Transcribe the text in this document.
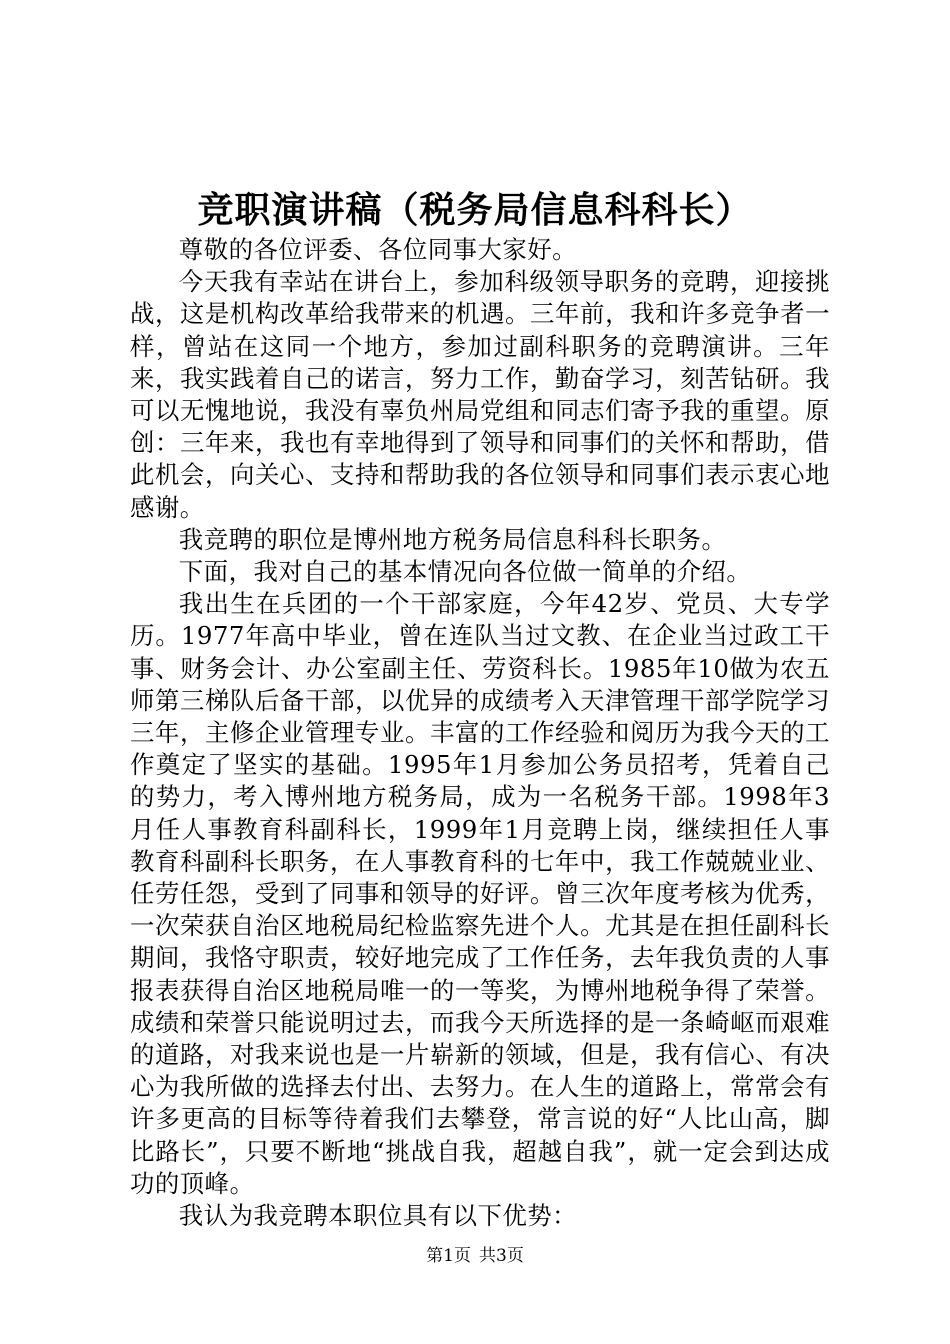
竞职演讲稿（税务局信息科科长）

尊敬的各位评委、各位同事大家好。

今天我有幸站在讲台上，参加科级领导职务的竞聘，迎接挑战，这是机构改革给我带来的机遇。三年前，我和许多竞争者一样，曾站在这同一个地方，参加过副科职务的竞聘演讲。三年来，我实践着自己的诺言，努力工作，勤奋学习，刻苦钻研。我可以无愧地说，我没有辜负州局党组和同志们寄予我的重望。原创：三年来，我也有幸地得到了领导和同事们的关怀和帮助，借此机会，向关心、支持和帮助我的各位领导和同事们表示衷心地感谢。

我竞聘的职位是博州地方税务局信息科科长职务。

下面，我对自己的基本情况向各位做一简单的介绍。

我出生在兵团的一个干部家庭，今年42岁、党员、大专学历。1977年高中毕业，曾在连队当过文教、在企业当过政工干事、财务会计、办公室副主任、劳资科长。1985年10做为农五师第三梯队后备干部，以优异的成绩考入天津管理干部学院学习三年，主修企业管理专业。丰富的工作经验和阅历为我今天的工作奠定了坚实的基础。1995年1月参加公务员招考，凭着自己的势力，考入博州地方税务局，成为一名税务干部。1998年3月任人事教育科副科长，1999年1月竞聘上岗，继续担任人事教育科副科长职务，在人事教育科的七年中，我工作兢兢业业、任劳任怨，受到了同事和领导的好评。曾三次年度考核为优秀，一次荣获自治区地税局纪检监察先进个人。尤其是在担任副科长期间，我恪守职责，较好地完成了工作任务，去年我负责的人事报表获得自治区地税局唯一的一等奖，为博州地税争得了荣誉。成绩和荣誉只能说明过去，而我今天所选择的是一条崎岖而艰难的道路，对我来说也是一片崭新的领域，但是，我有信心、有决心为我所做的选择去付出、去努力。在人生的道路上，常常会有许多更高的目标等待着我们去攀登，常言说的好“人比山高，脚比路长”，只要不断地“挑战自我，超越自我”，就一定会到达成功的顶峰。

我认为我竞聘本职位具有以下优势：

第1页 共3页
